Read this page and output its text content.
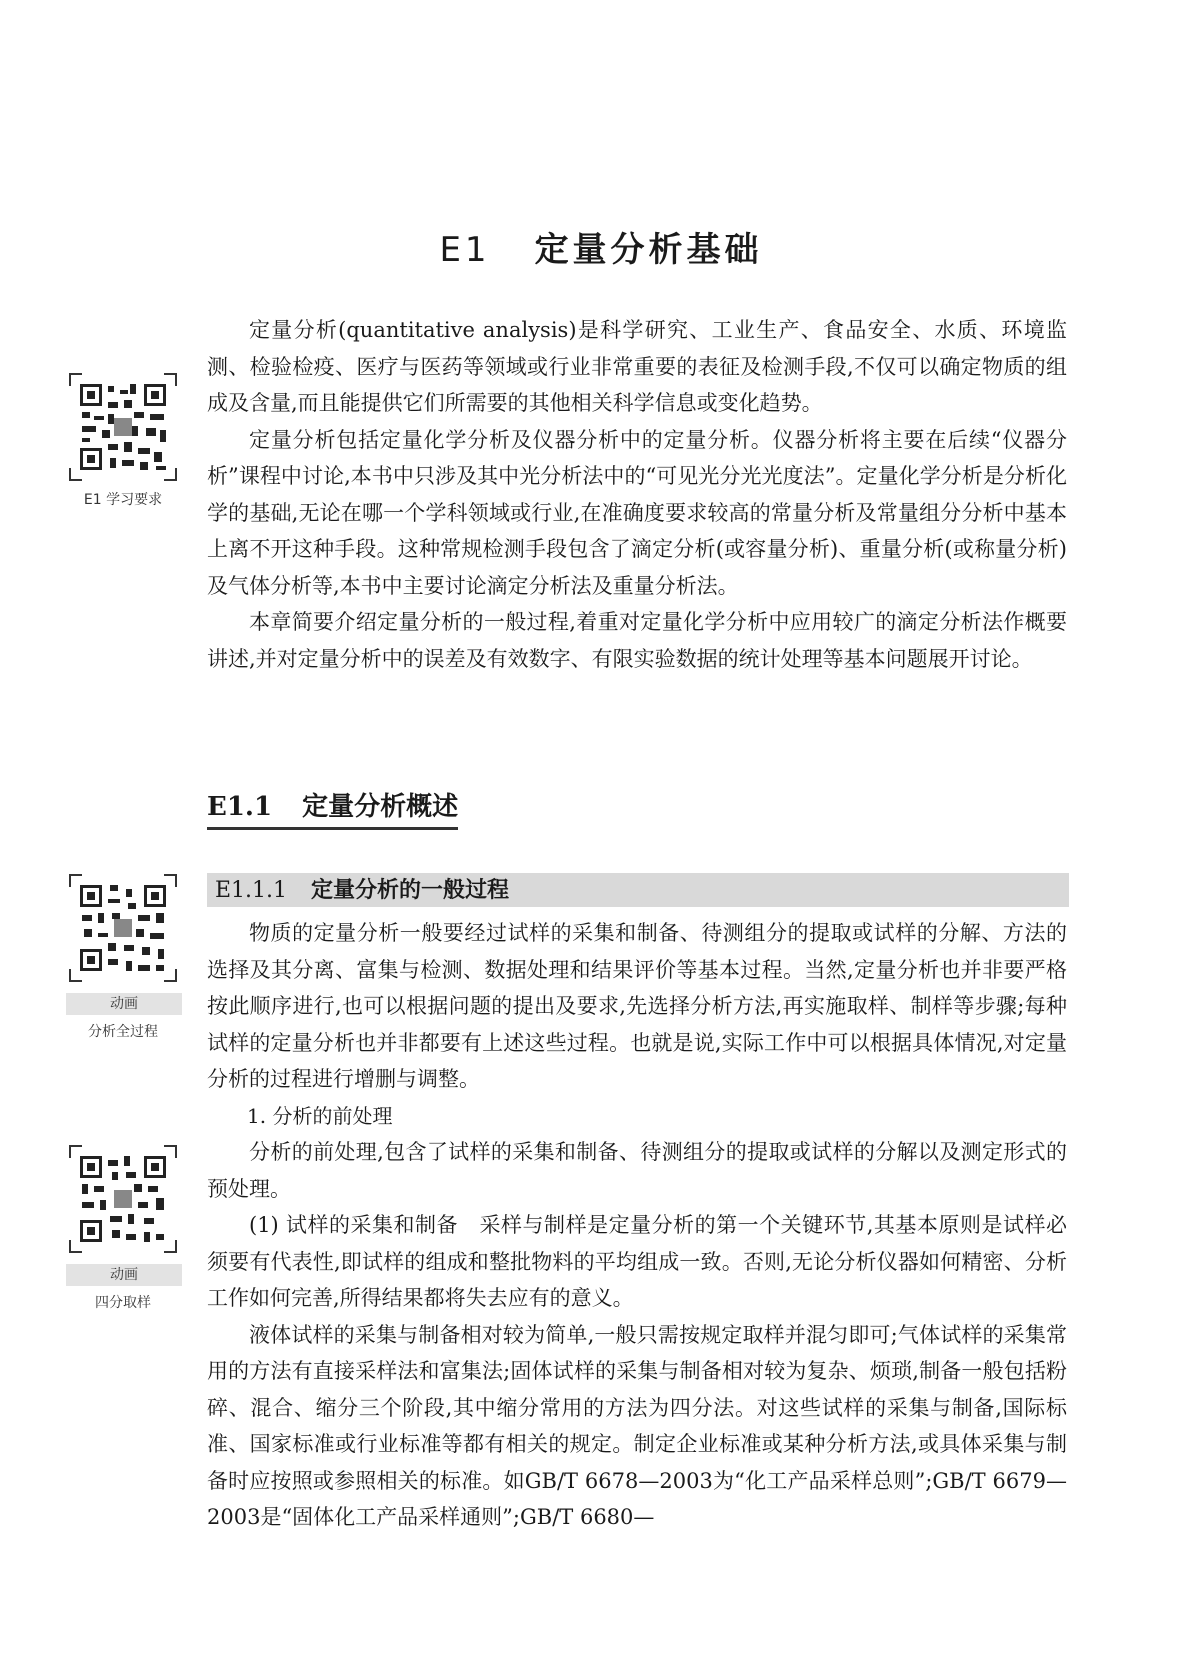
E1 定量分析基础
E1 学习要求

定量分析(quantitative analysis)是科学研究、工业生产、食品安全、水质、环境监测、检验检疫、医疗与医药等领域或行业非常重要的表征及检测手段,不仅可以确定物质的组成及含量,而且能提供它们所需要的其他相关科学信息或变化趋势。

定量分析包括定量化学分析及仪器分析中的定量分析。仪器分析将主要在后续“仪器分析”课程中讨论,本书中只涉及其中光分析法中的“可见光分光光度法”。定量化学分析是分析化学的基础,无论在哪一个学科领域或行业,在准确度要求较高的常量分析及常量组分分析中基本上离不开这种手段。这种常规检测手段包含了滴定分析(或容量分析)、重量分析(或称量分析)及气体分析等,本书中主要讨论滴定分析法及重量分析法。

本章简要介绍定量分析的一般过程,着重对定量化学分析中应用较广的滴定分析法作概要讲述,并对定量分析中的误差及有效数字、有限实验数据的统计处理等基本问题展开讨论。

E1.1 定量分析概述
E1.1.1 定量分析的一般过程
动画
分析全过程
动画
四分取样

物质的定量分析一般要经过试样的采集和制备、待测组分的提取或试样的分解、方法的选择及其分离、富集与检测、数据处理和结果评价等基本过程。当然,定量分析也并非要严格按此顺序进行,也可以根据问题的提出及要求,先选择分析方法,再实施取样、制样等步骤;每种试样的定量分析也并非都要有上述这些过程。也就是说,实际工作中可以根据具体情况,对定量分析的过程进行增删与调整。

1. 分析的前处理

分析的前处理,包含了试样的采集和制备、待测组分的提取或试样的分解以及测定形式的预处理。

(1) 试样的采集和制备　采样与制样是定量分析的第一个关键环节,其基本原则是试样必须要有代表性,即试样的组成和整批物料的平均组成一致。否则,无论分析仪器如何精密、分析工作如何完善,所得结果都将失去应有的意义。

液体试样的采集与制备相对较为简单,一般只需按规定取样并混匀即可;气体试样的采集常用的方法有直接采样法和富集法;固体试样的采集与制备相对较为复杂、烦琐,制备一般包括粉碎、混合、缩分三个阶段,其中缩分常用的方法为四分法。对这些试样的采集与制备,国际标准、国家标准或行业标准等都有相关的规定。制定企业标准或某种分析方法,或具体采集与制备时应按照或参照相关的标准。如GB/T 6678—2003为“化工产品采样总则”;GB/T 6679—2003是“固体化工产品采样通则”;GB/T 6680—
